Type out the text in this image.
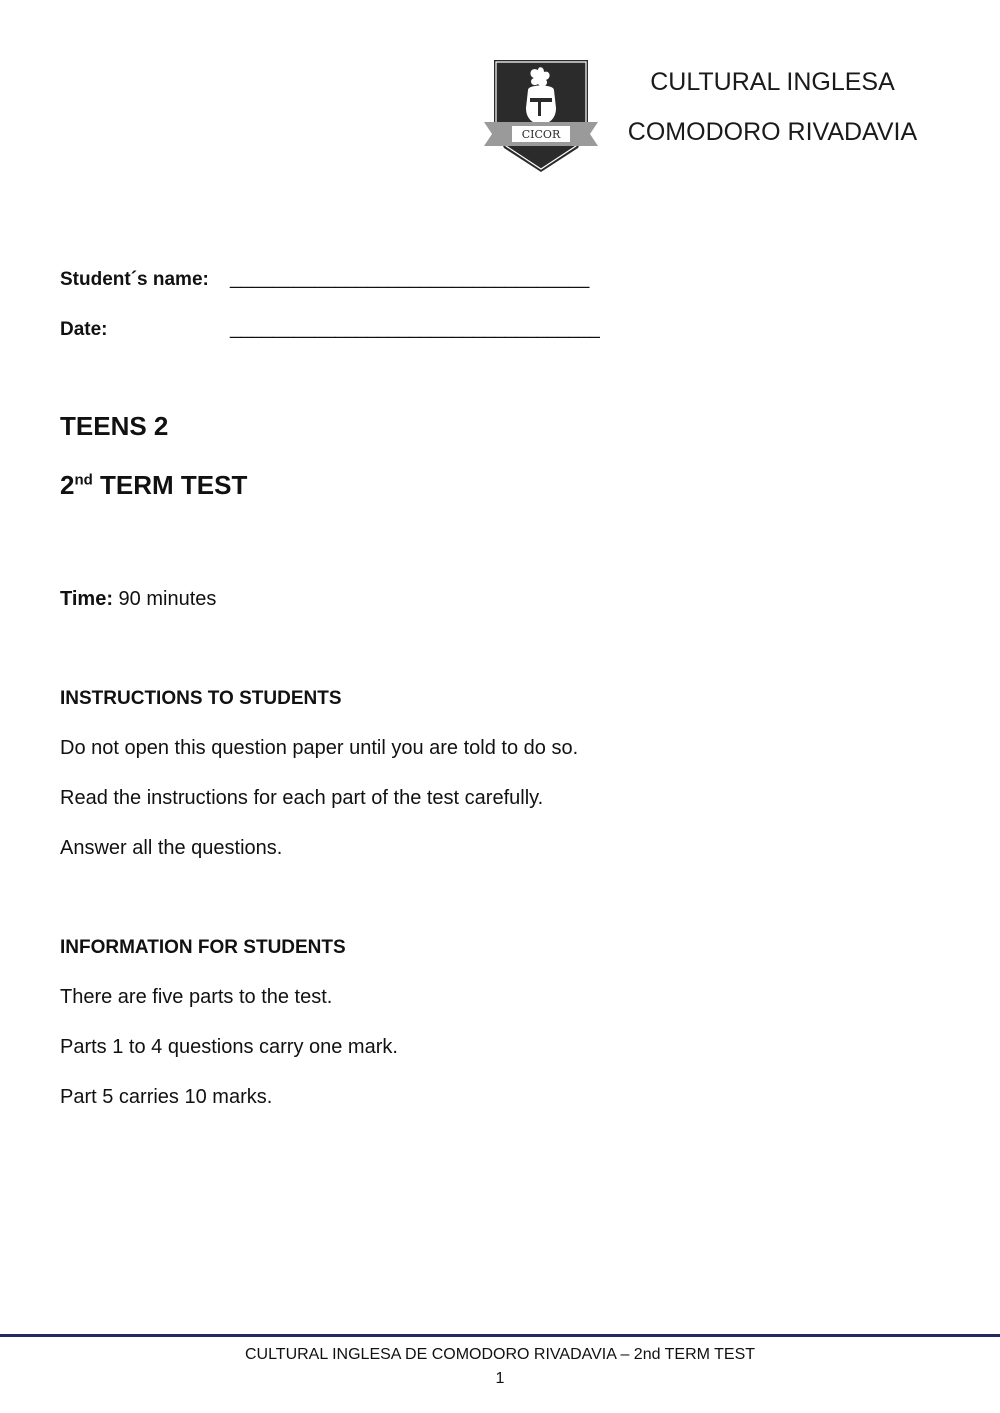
CICOR
CULTURAL INGLESA
COMODORO RIVADAVIA
Student´s name: __________________________________
Date:	___________________________________
TEENS 2
2nd TERM TEST
Time: 90 minutes
INSTRUCTIONS TO STUDENTS
Do not open this question paper until you are told to do so.
Read the instructions for each part of the test carefully.
Answer all the questions.
INFORMATION FOR STUDENTS
There are five parts to the test.
Parts 1 to 4 questions carry one mark.
Part 5 carries 10 marks.
CULTURAL INGLESA DE COMODORO RIVADAVIA – 2nd TERM TEST
1
